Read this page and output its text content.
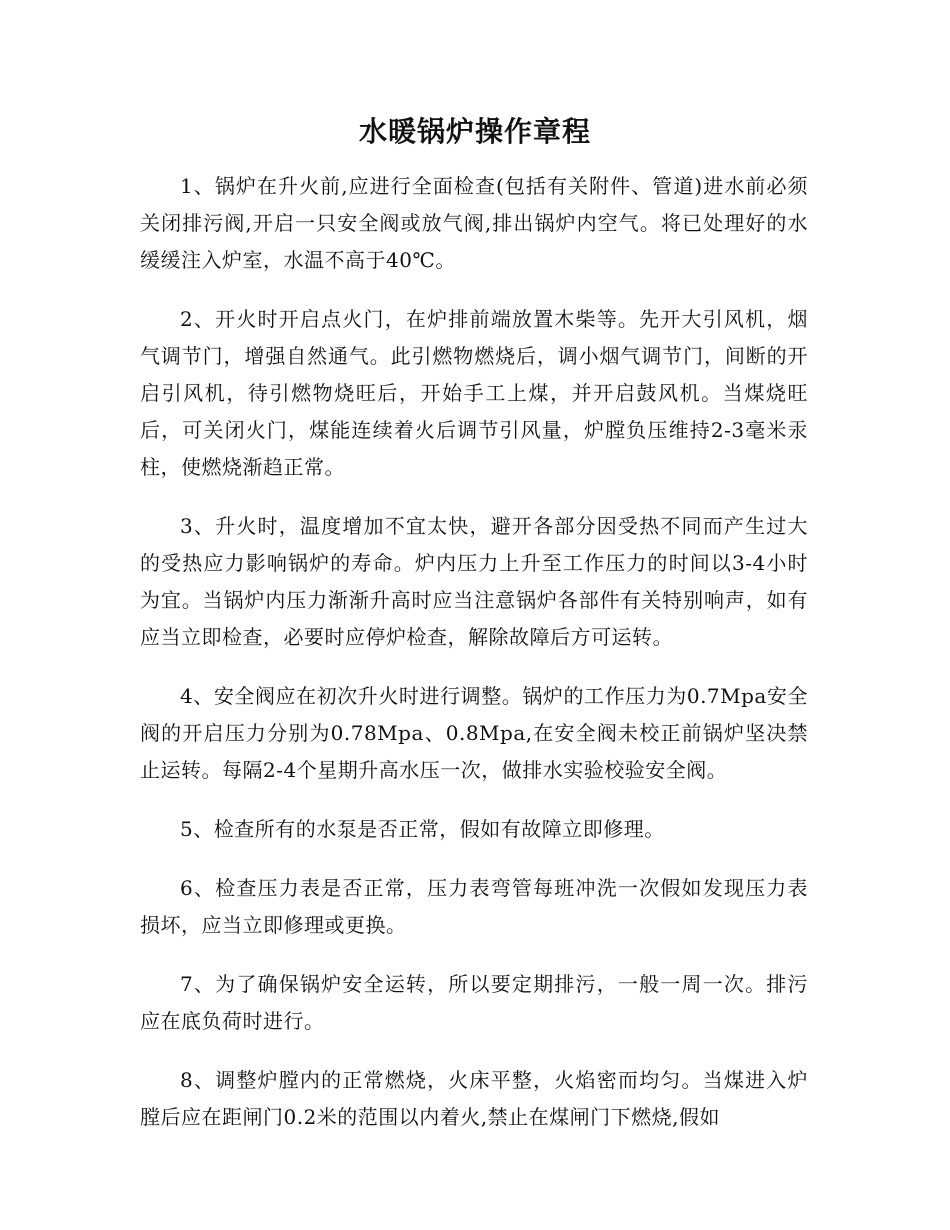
水暖锅炉操作章程

1、锅炉在升火前,应进行全面检查(包括有关附件、管道)进水前必须关闭排污阀,开启一只安全阀或放气阀,排出锅炉内空气。将已处理好的水缓缓注入炉室，水温不高于40℃。

2、开火时开启点火门，在炉排前端放置木柴等。先开大引风机，烟气调节门，增强自然通气。此引燃物燃烧后，调小烟气调节门，间断的开启引风机，待引燃物烧旺后，开始手工上煤，并开启鼓风机。当煤烧旺后，可关闭火门，煤能连续着火后调节引风量，炉膛负压维持2-3毫米汞柱，使燃烧渐趋正常。

3、升火时，温度增加不宜太快，避开各部分因受热不同而产生过大的受热应力影响锅炉的寿命。炉内压力上升至工作压力的时间以3-4小时为宜。当锅炉内压力渐渐升高时应当注意锅炉各部件有关特别响声，如有应当立即检查，必要时应停炉检查，解除故障后方可运转。

4、安全阀应在初次升火时进行调整。锅炉的工作压力为0.7Mpa安全阀的开启压力分别为0.78Mpa、0.8Mpa,在安全阀未校正前锅炉坚决禁止运转。每隔2-4个星期升高水压一次，做排水实验校验安全阀。

5、检查所有的水泵是否正常，假如有故障立即修理。

6、检查压力表是否正常，压力表弯管每班冲洗一次假如发现压力表损坏，应当立即修理或更换。

7、为了确保锅炉安全运转，所以要定期排污，一般一周一次。排污应在底负荷时进行。

8、调整炉膛内的正常燃烧，火床平整，火焰密而均匀。当煤进入炉膛后应在距闸门0.2米的范围以内着火,禁止在煤闸门下燃烧,假如
